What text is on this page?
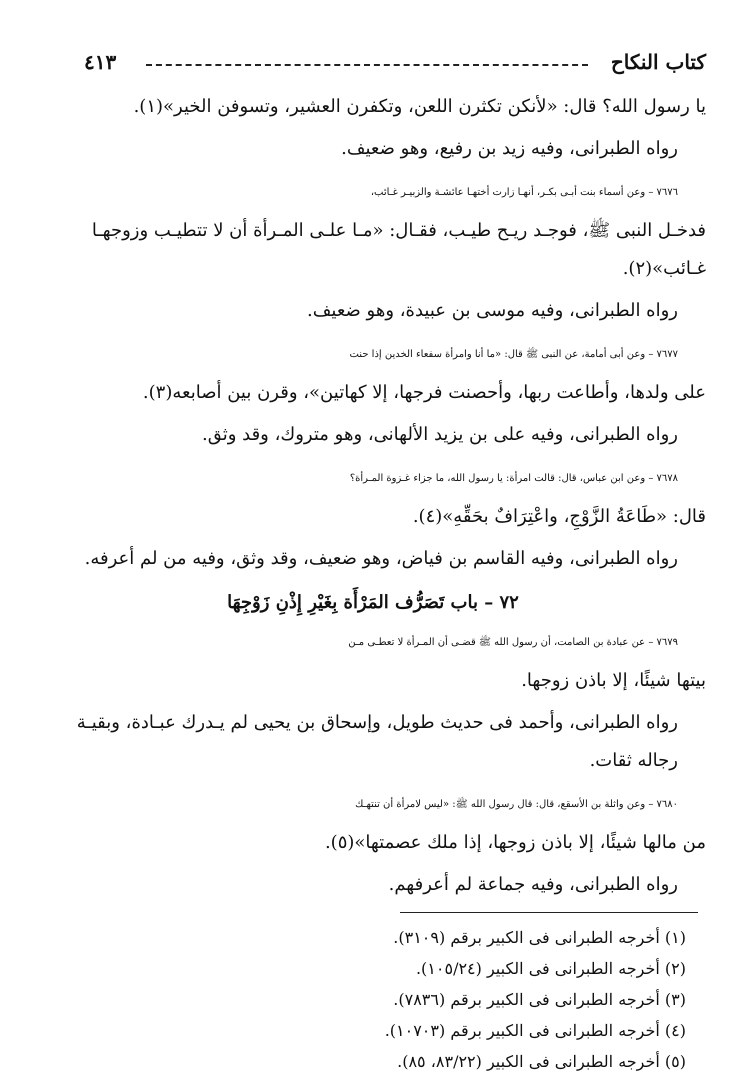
كتاب النكاح
٤١٣
يا رسول الله؟ قال: «لأنكن تكثرن اللعن، وتكفرن العشير، وتسوفن الخير»(١).
رواه الطبرانى، وفيه زيد بن رفيع، وهو ضعيف.
٧٦٧٦ – وعن أسماء بنت أبـى بكـر، أنهـا زارت أختهـا عائشـة والزبيـر غـائب،
فدخـل النبى ﷺ، فوجـد ريـح طيـب، فقـال: «مـا علـى المـرأة أن لا تتطيـب وزوجهـا
غـائب»(٢).
رواه الطبرانى، وفيه موسى بن عبيدة، وهو ضعيف.
٧٦٧٧ – وعن أبى أمامة، عن النبى ﷺ قال: «ما أنا وامرأة سفعاء الخدين إذا حنت
على ولدها، وأطاعت ربها، وأحصنت فرجها، إلا كهاتين»، وقرن بين أصابعه(٣).
رواه الطبرانى، وفيه على بن يزيد الألهانى، وهو متروك، وقد وثق.
٧٦٧٨ – وعن ابن عباس، قال: قالت امرأة: يا رسول الله، ما جزاء غـزوة المـرأة؟
قال: «طَاعَةُ الزَّوْجِ، واعْتِرَافٌ بحَقِّهِ»(٤).
رواه الطبرانى، وفيه القاسم بن فياض، وهو ضعيف، وقد وثق، وفيه من لم أعرفه.
٧٢ – باب تَصَرُّف المَرْأَة بِغَيْرِ إِذْنِ زَوْجِهَا
٧٦٧٩ – عن عبادة بن الصامت، أن رسول الله ﷺ قضـى أن المـرأة لا تعطـى مـن
بيتها شيئًا، إلا باذن زوجها.
رواه الطبرانى، وأحمد فى حديث طويل، وإسحاق بن يحيى لم يـدرك عبـادة، وبقيـة
رجاله ثقات.
٧٦٨٠ – وعن واثلة بن الأسقع، قال: قال رسول الله ﷺ: «ليس لامرأة أن تنتهـك
من مالها شيئًا، إلا باذن زوجها، إذا ملك عصمتها»(٥).
رواه الطبرانى، وفيه جماعة لم أعرفهم.
(١) أخرجه الطبرانى فى الكبير برقم (٣١٠٩).
(٢) أخرجه الطبرانى فى الكبير (١٠٥/٢٤).
(٣) أخرجه الطبرانى فى الكبير برقم (٧٨٣٦).
(٤) أخرجه الطبرانى فى الكبير برقم (١٠٧٠٣).
(٥) أخرجه الطبرانى فى الكبير (٨٣/٢٢، ٨٥).
